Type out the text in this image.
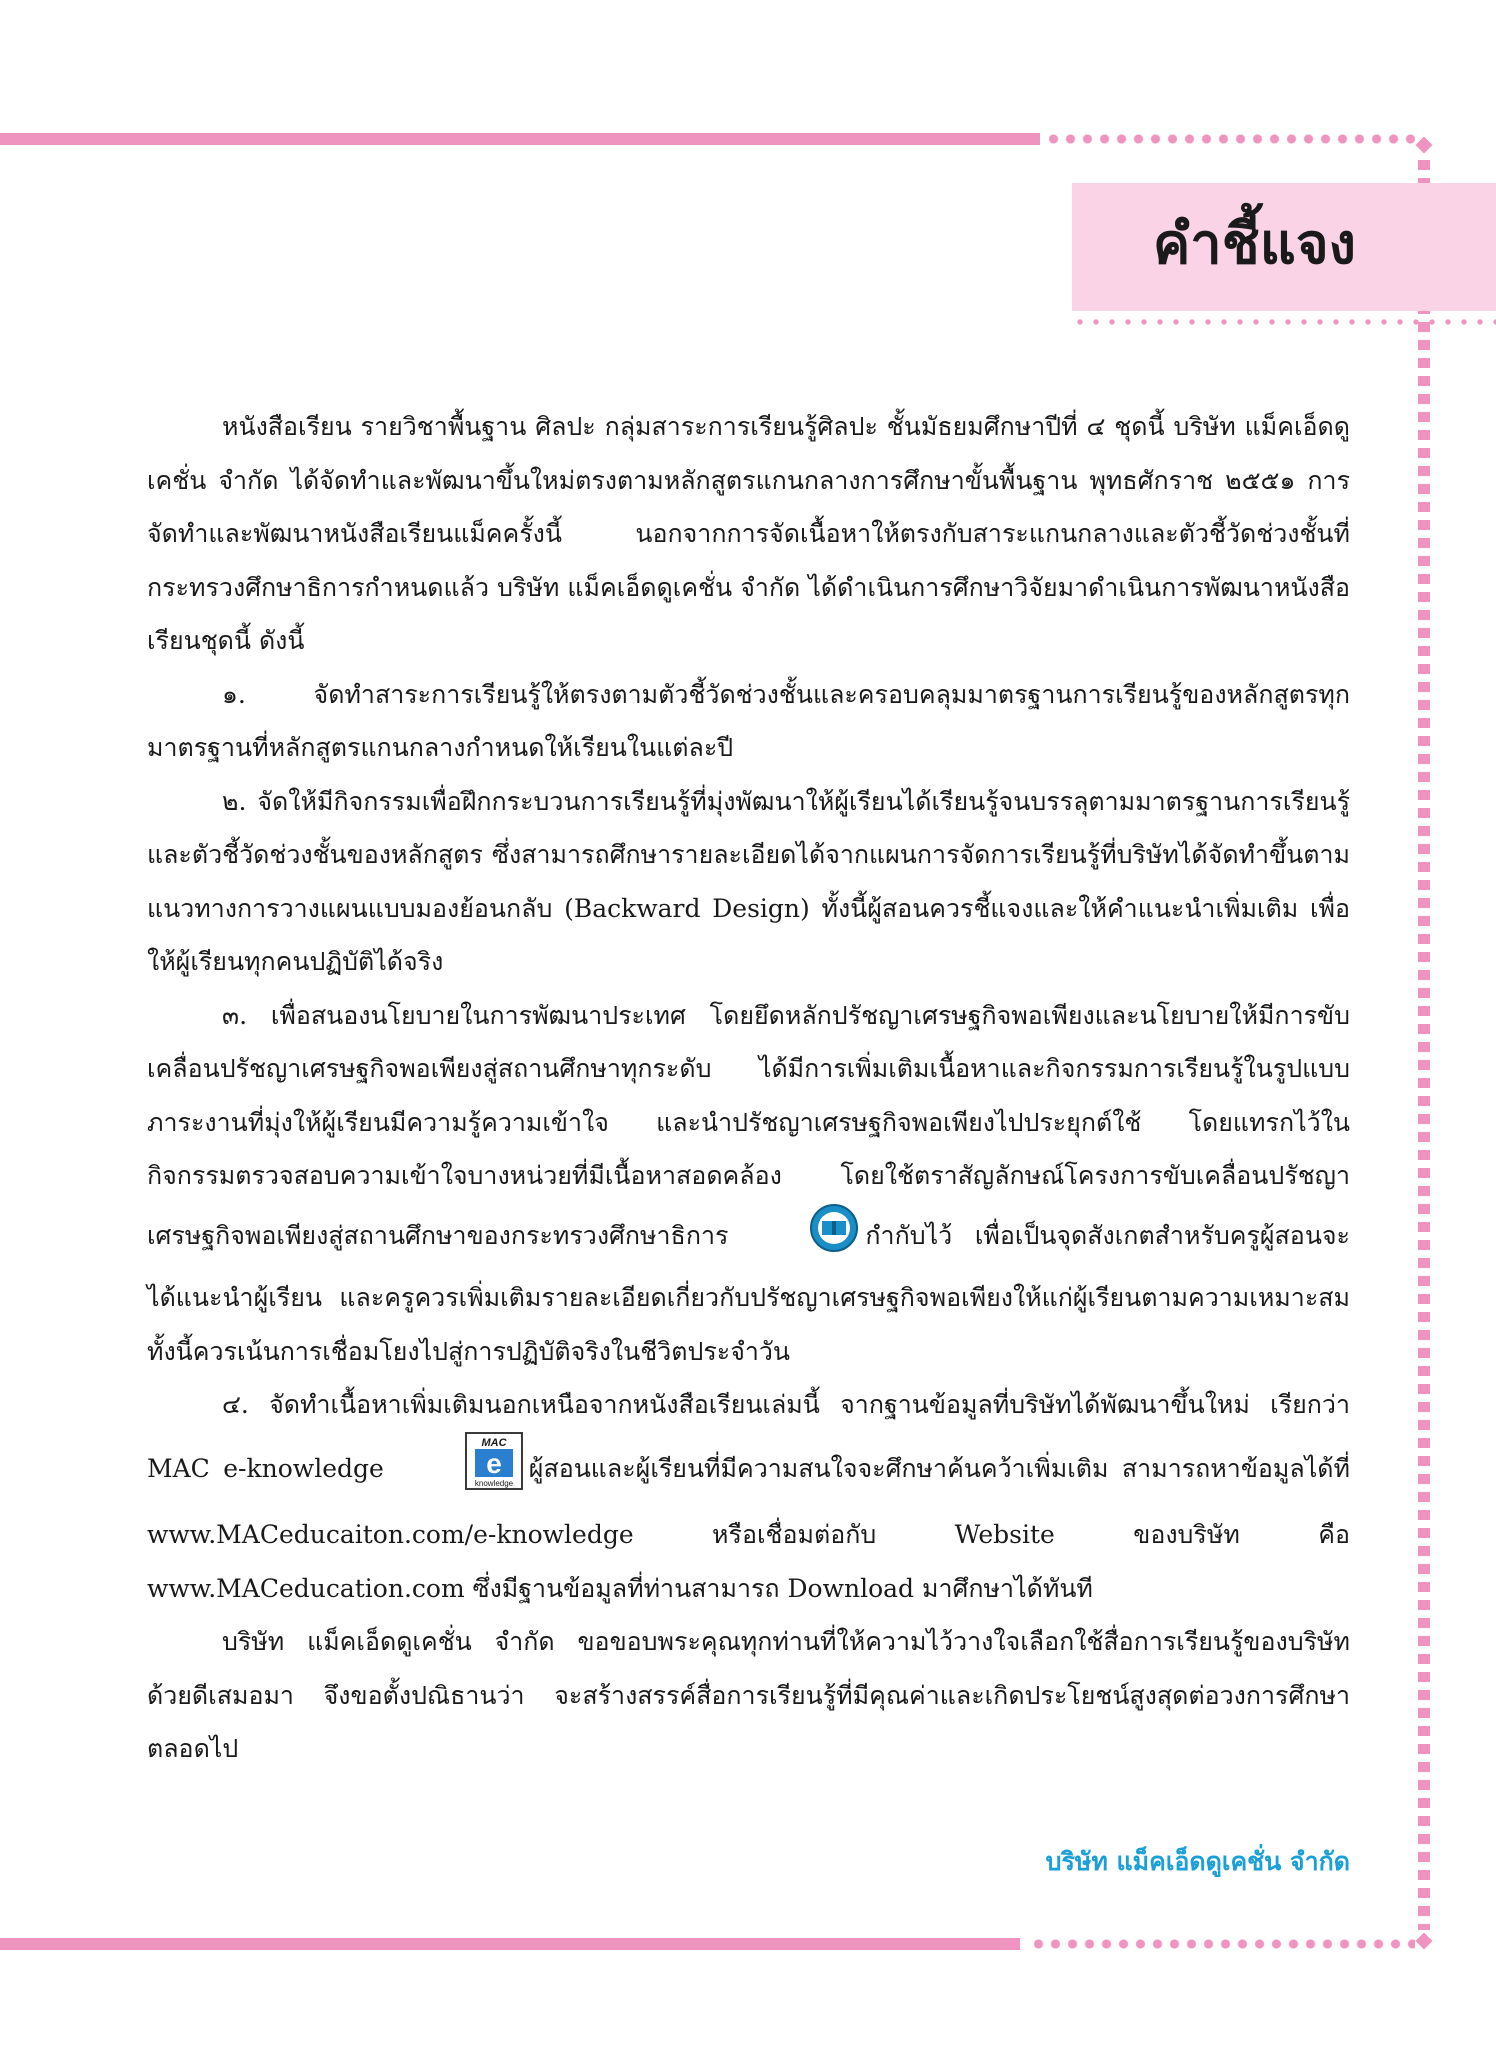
คำชี้แจง

หนังสือเรียน รายวิชาพื้นฐาน ศิลปะ กลุ่มสาระการเรียนรู้ศิลปะ ชั้นมัธยมศึกษาปีที่ ๔ ชุดนี้ บริษัท แม็คเอ็ดดูเคชั่น จำกัด ได้จัดทำและพัฒนาขึ้นใหม่ตรงตามหลักสูตรแกนกลางการศึกษาขั้นพื้นฐาน พุทธศักราช ๒๕๕๑ การจัดทำและพัฒนาหนังสือเรียนแม็คครั้งนี้ นอกจากการจัดเนื้อหาให้ตรงกับสาระแกนกลางและตัวชี้วัดช่วงชั้นที่กระทรวงศึกษาธิการกำหนดแล้ว บริษัท แม็คเอ็ดดูเคชั่น จำกัด ได้ดำเนินการศึกษาวิจัยมาดำเนินการพัฒนาหนังสือเรียนชุดนี้ ดังนี้

๑. จัดทำสาระการเรียนรู้ให้ตรงตามตัวชี้วัดช่วงชั้นและครอบคลุมมาตรฐานการเรียนรู้ของหลักสูตรทุกมาตรฐานที่หลักสูตรแกนกลางกำหนดให้เรียนในแต่ละปี

๒. จัดให้มีกิจกรรมเพื่อฝึกกระบวนการเรียนรู้ที่มุ่งพัฒนาให้ผู้เรียนได้เรียนรู้จนบรรลุตามมาตรฐานการเรียนรู้และตัวชี้วัดช่วงชั้นของหลักสูตร ซึ่งสามารถศึกษารายละเอียดได้จากแผนการจัดการเรียนรู้ที่บริษัทได้จัดทำขึ้นตามแนวทางการวางแผนแบบมองย้อนกลับ (Backward Design) ทั้งนี้ผู้สอนควรชี้แจงและให้คำแนะนำเพิ่มเติม เพื่อให้ผู้เรียนทุกคนปฏิบัติได้จริง

๓. เพื่อสนองนโยบายในการพัฒนาประเทศ โดยยึดหลักปรัชญาเศรษฐกิจพอเพียงและนโยบายให้มีการขับเคลื่อนปรัชญาเศรษฐกิจพอเพียงสู่สถานศึกษาทุกระดับ ได้มีการเพิ่มเติมเนื้อหาและกิจกรรมการเรียนรู้ในรูปแบบภาระงานที่มุ่งให้ผู้เรียนมีความรู้ความเข้าใจ และนำปรัชญาเศรษฐกิจพอเพียงไปประยุกต์ใช้ โดยแทรกไว้ในกิจกรรมตรวจสอบความเข้าใจบางหน่วยที่มีเนื้อหาสอดคล้อง โดยใช้ตราสัญลักษณ์โครงการขับเคลื่อนปรัชญาเศรษฐกิจพอเพียงสู่สถานศึกษาของกระทรวงศึกษาธิการ	กำกับไว้ เพื่อเป็นจุดสังเกตสำหรับครูผู้สอนจะได้แนะนำผู้เรียน และครูควรเพิ่มเติมรายละเอียดเกี่ยวกับปรัชญาเศรษฐกิจพอเพียงให้แก่ผู้เรียนตามความเหมาะสม ทั้งนี้ควรเน้นการเชื่อมโยงไปสู่การปฏิบัติจริงในชีวิตประจำวัน

๔. จัดทำเนื้อหาเพิ่มเติมนอกเหนือจากหนังสือเรียนเล่มนี้ จากฐานข้อมูลที่บริษัทได้พัฒนาขึ้นใหม่ เรียกว่า MAC e-knowledge
MAC
e
knowledge
ผู้สอนและผู้เรียนที่มีความสนใจจะศึกษาค้นคว้าเพิ่มเติม สามารถหาข้อมูลได้ที่ www.MACeducaiton.com/e-knowledge หรือเชื่อมต่อกับ Website ของบริษัท คือ www.MACeducation.com ซึ่งมีฐานข้อมูลที่ท่านสามารถ Download มาศึกษาได้ทันที

บริษัท แม็คเอ็ดดูเคชั่น จำกัด ขอขอบพระคุณทุกท่านที่ให้ความไว้วางใจเลือกใช้สื่อการเรียนรู้ของบริษัทด้วยดีเสมอมา จึงขอตั้งปณิธานว่า จะสร้างสรรค์สื่อการเรียนรู้ที่มีคุณค่าและเกิดประโยชน์สูงสุดต่อวงการศึกษาตลอดไป

บริษัท แม็คเอ็ดดูเคชั่น จำกัด
